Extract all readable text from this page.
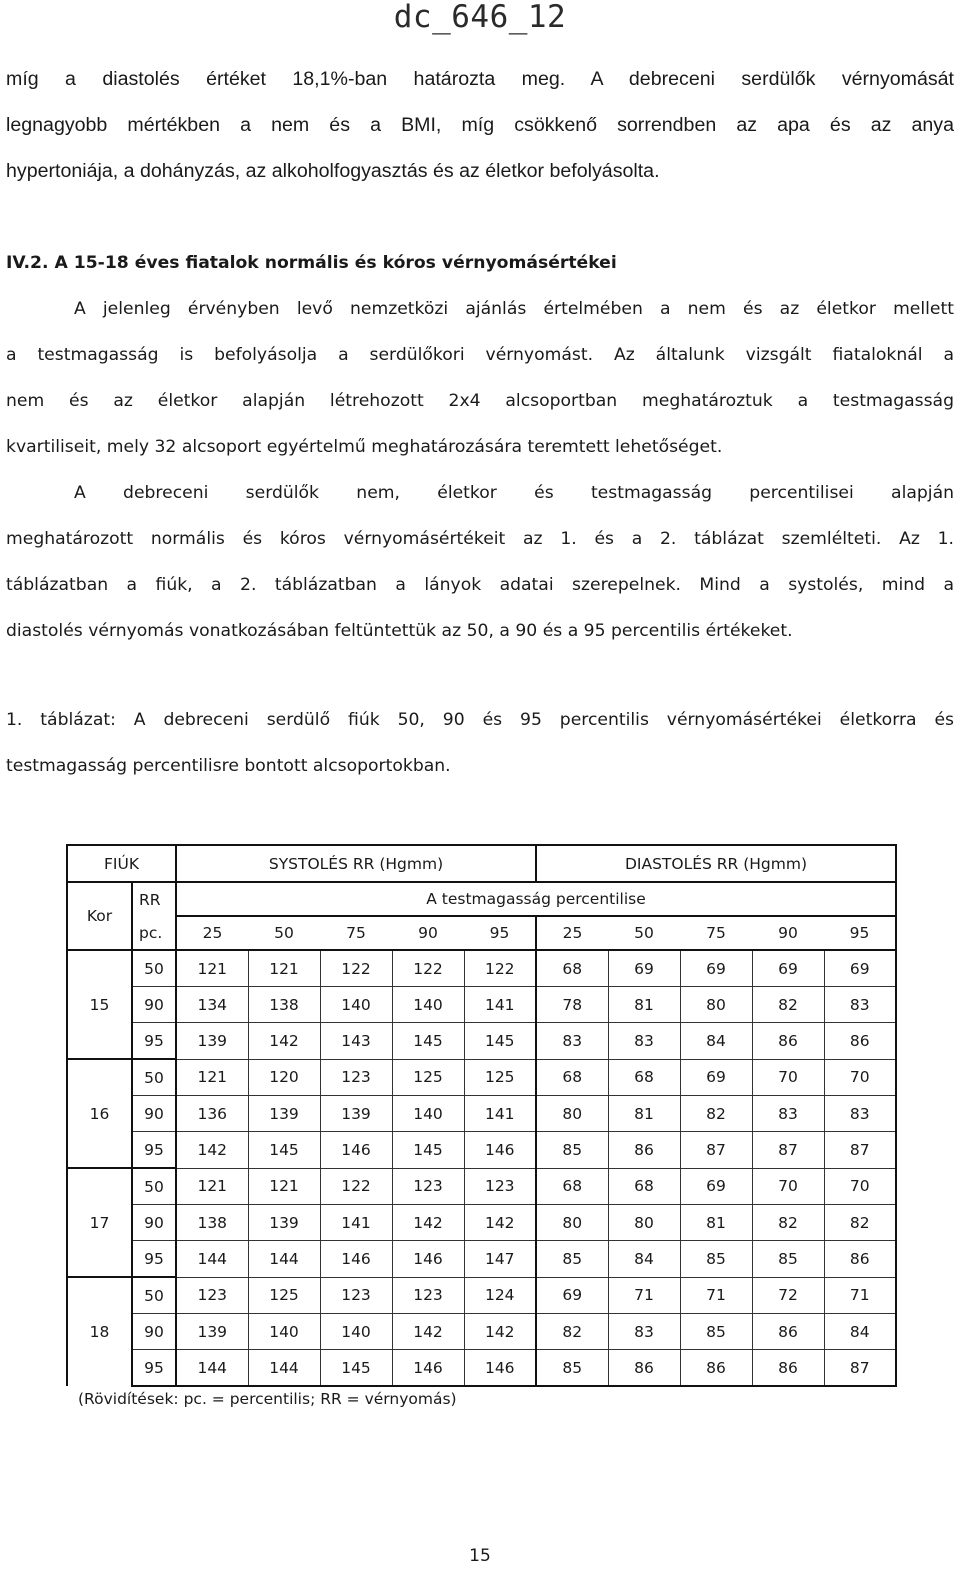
dc_646_12
míg a diastolés értéket 18,1%-ban határozta meg. A debreceni serdülők vérnyomását
legnagyobb mértékben a nem és a BMI, míg csökkenő sorrendben az apa és az anya
hypertoniája, a dohányzás, az alkoholfogyasztás és az életkor befolyásolta.
IV.2. A 15-18 éves fiatalok normális és kóros vérnyomásértékei
A jelenleg érvényben levő nemzetközi ajánlás értelmében a nem és az életkor mellett
a testmagasság is befolyásolja a serdülőkori vérnyomást. Az általunk vizsgált fiataloknál a
nem és az életkor alapján létrehozott 2x4 alcsoportban meghatároztuk a testmagasság
kvartiliseit, mely 32 alcsoport egyértelmű meghatározására teremtett lehetőséget.
A debreceni serdülők nem, életkor és testmagasság percentilisei alapján
meghatározott normális és kóros vérnyomásértékeit az 1. és a 2. táblázat szemlélteti. Az 1.
táblázatban a fiúk, a 2. táblázatban a lányok adatai szerepelnek. Mind a systolés, mind a
diastolés vérnyomás vonatkozásában feltüntettük az 50, a 90 és a 95 percentilis értékeket.
1. táblázat: A debreceni serdülő fiúk 50, 90 és 95 percentilis vérnyomásértékei életkorra és
testmagasság percentilisre bontott alcsoportokban.
FIÚK		SYSTOLÉS RR (Hgmm)					DIASTOLÉS RR (Hgmm)				
Kor	RR	A testmagasság percentilise									
	pc.	25	50	75	90	95	25	50	75	90	95
15	50	121	121	122	122	122	68	69	69	69	69
	90	134	138	140	140	141	78	81	80	82	83
	95	139	142	143	145	145	83	83	84	86	86
16	50	121	120	123	125	125	68	68	69	70	70
	90	136	139	139	140	141	80	81	82	83	83
	95	142	145	146	145	146	85	86	87	87	87
17	50	121	121	122	123	123	68	68	69	70	70
	90	138	139	141	142	142	80	80	81	82	82
	95	144	144	146	146	147	85	84	85	85	86
18	50	123	125	123	123	124	69	71	71	72	71
	90	139	140	140	142	142	82	83	85	86	84
	95	144	144	145	146	146	85	86	86	86	87
(Rövidítések: pc. = percentilis; RR = vérnyomás)
15
